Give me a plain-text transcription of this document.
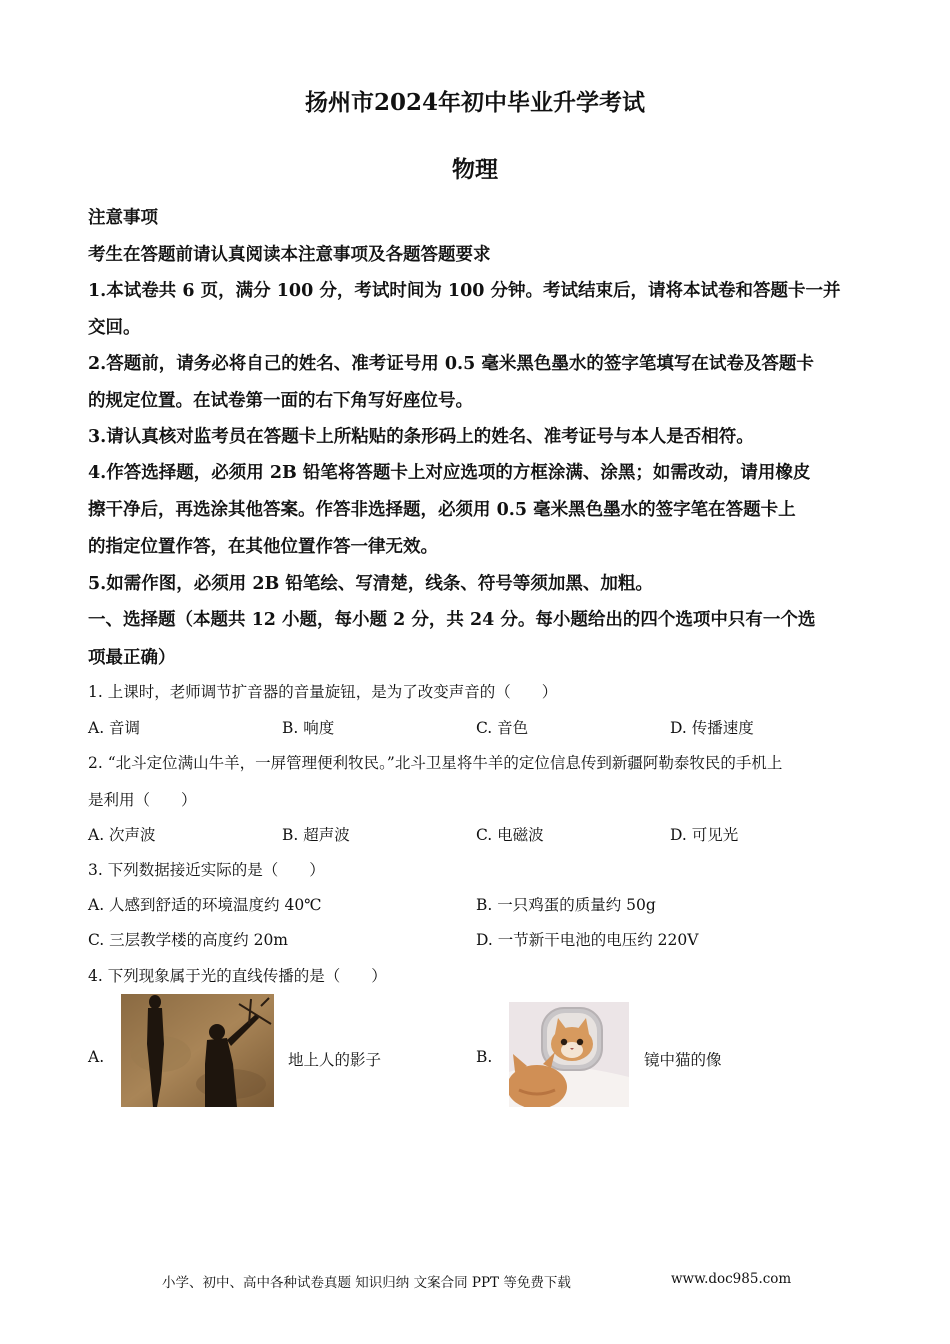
扬州市2024年初中毕业升学考试
物理
注意事项
考生在答题前请认真阅读本注意事项及各题答题要求
1.本试卷共 6 页，满分 100 分，考试时间为 100 分钟。考试结束后，请将本试卷和答题卡一并
交回。
2.答题前，请务必将自己的姓名、准考证号用 0.5 毫米黑色墨水的签字笔填写在试卷及答题卡
的规定位置。在试卷第一面的右下角写好座位号。
3.请认真核对监考员在答题卡上所粘贴的条形码上的姓名、准考证号与本人是否相符。
4.作答选择题，必须用 2B 铅笔将答题卡上对应选项的方框涂满、涂黑；如需改动，请用橡皮
擦干净后，再选涂其他答案。作答非选择题，必须用 0.5 毫米黑色墨水的签字笔在答题卡上
的指定位置作答，在其他位置作答一律无效。
5.如需作图，必须用 2B 铅笔绘、写清楚，线条、符号等须加黑、加粗。
一、选择题（本题共 12 小题，每小题 2 分，共 24 分。每小题给出的四个选项中只有一个选
项最正确）
1. 上课时，老师调节扩音器的音量旋钮，是为了改变声音的（　　）
A. 音调	B. 响度	C. 音色	D. 传播速度
2. “北斗定位满山牛羊，一屏管理便利牧民。”北斗卫星将牛羊的定位信息传到新疆阿勒泰牧民的手机上
是利用（　　）
A. 次声波	B. 超声波	C. 电磁波	D. 可见光
3. 下列数据接近实际的是（　　）
A. 人感到舒适的环境温度约 40℃	B. 一只鸡蛋的质量约 50g
C. 三层教学楼的高度约 20m	D. 一节新干电池的电压约 220V
4. 下列现象属于光的直线传播的是（　　）
A.	地上人的影子	B.	镜中猫的像
小学、初中、高中各种试卷真题 知识归纳 文案合同 PPT 等免费下载	www.doc985.com
